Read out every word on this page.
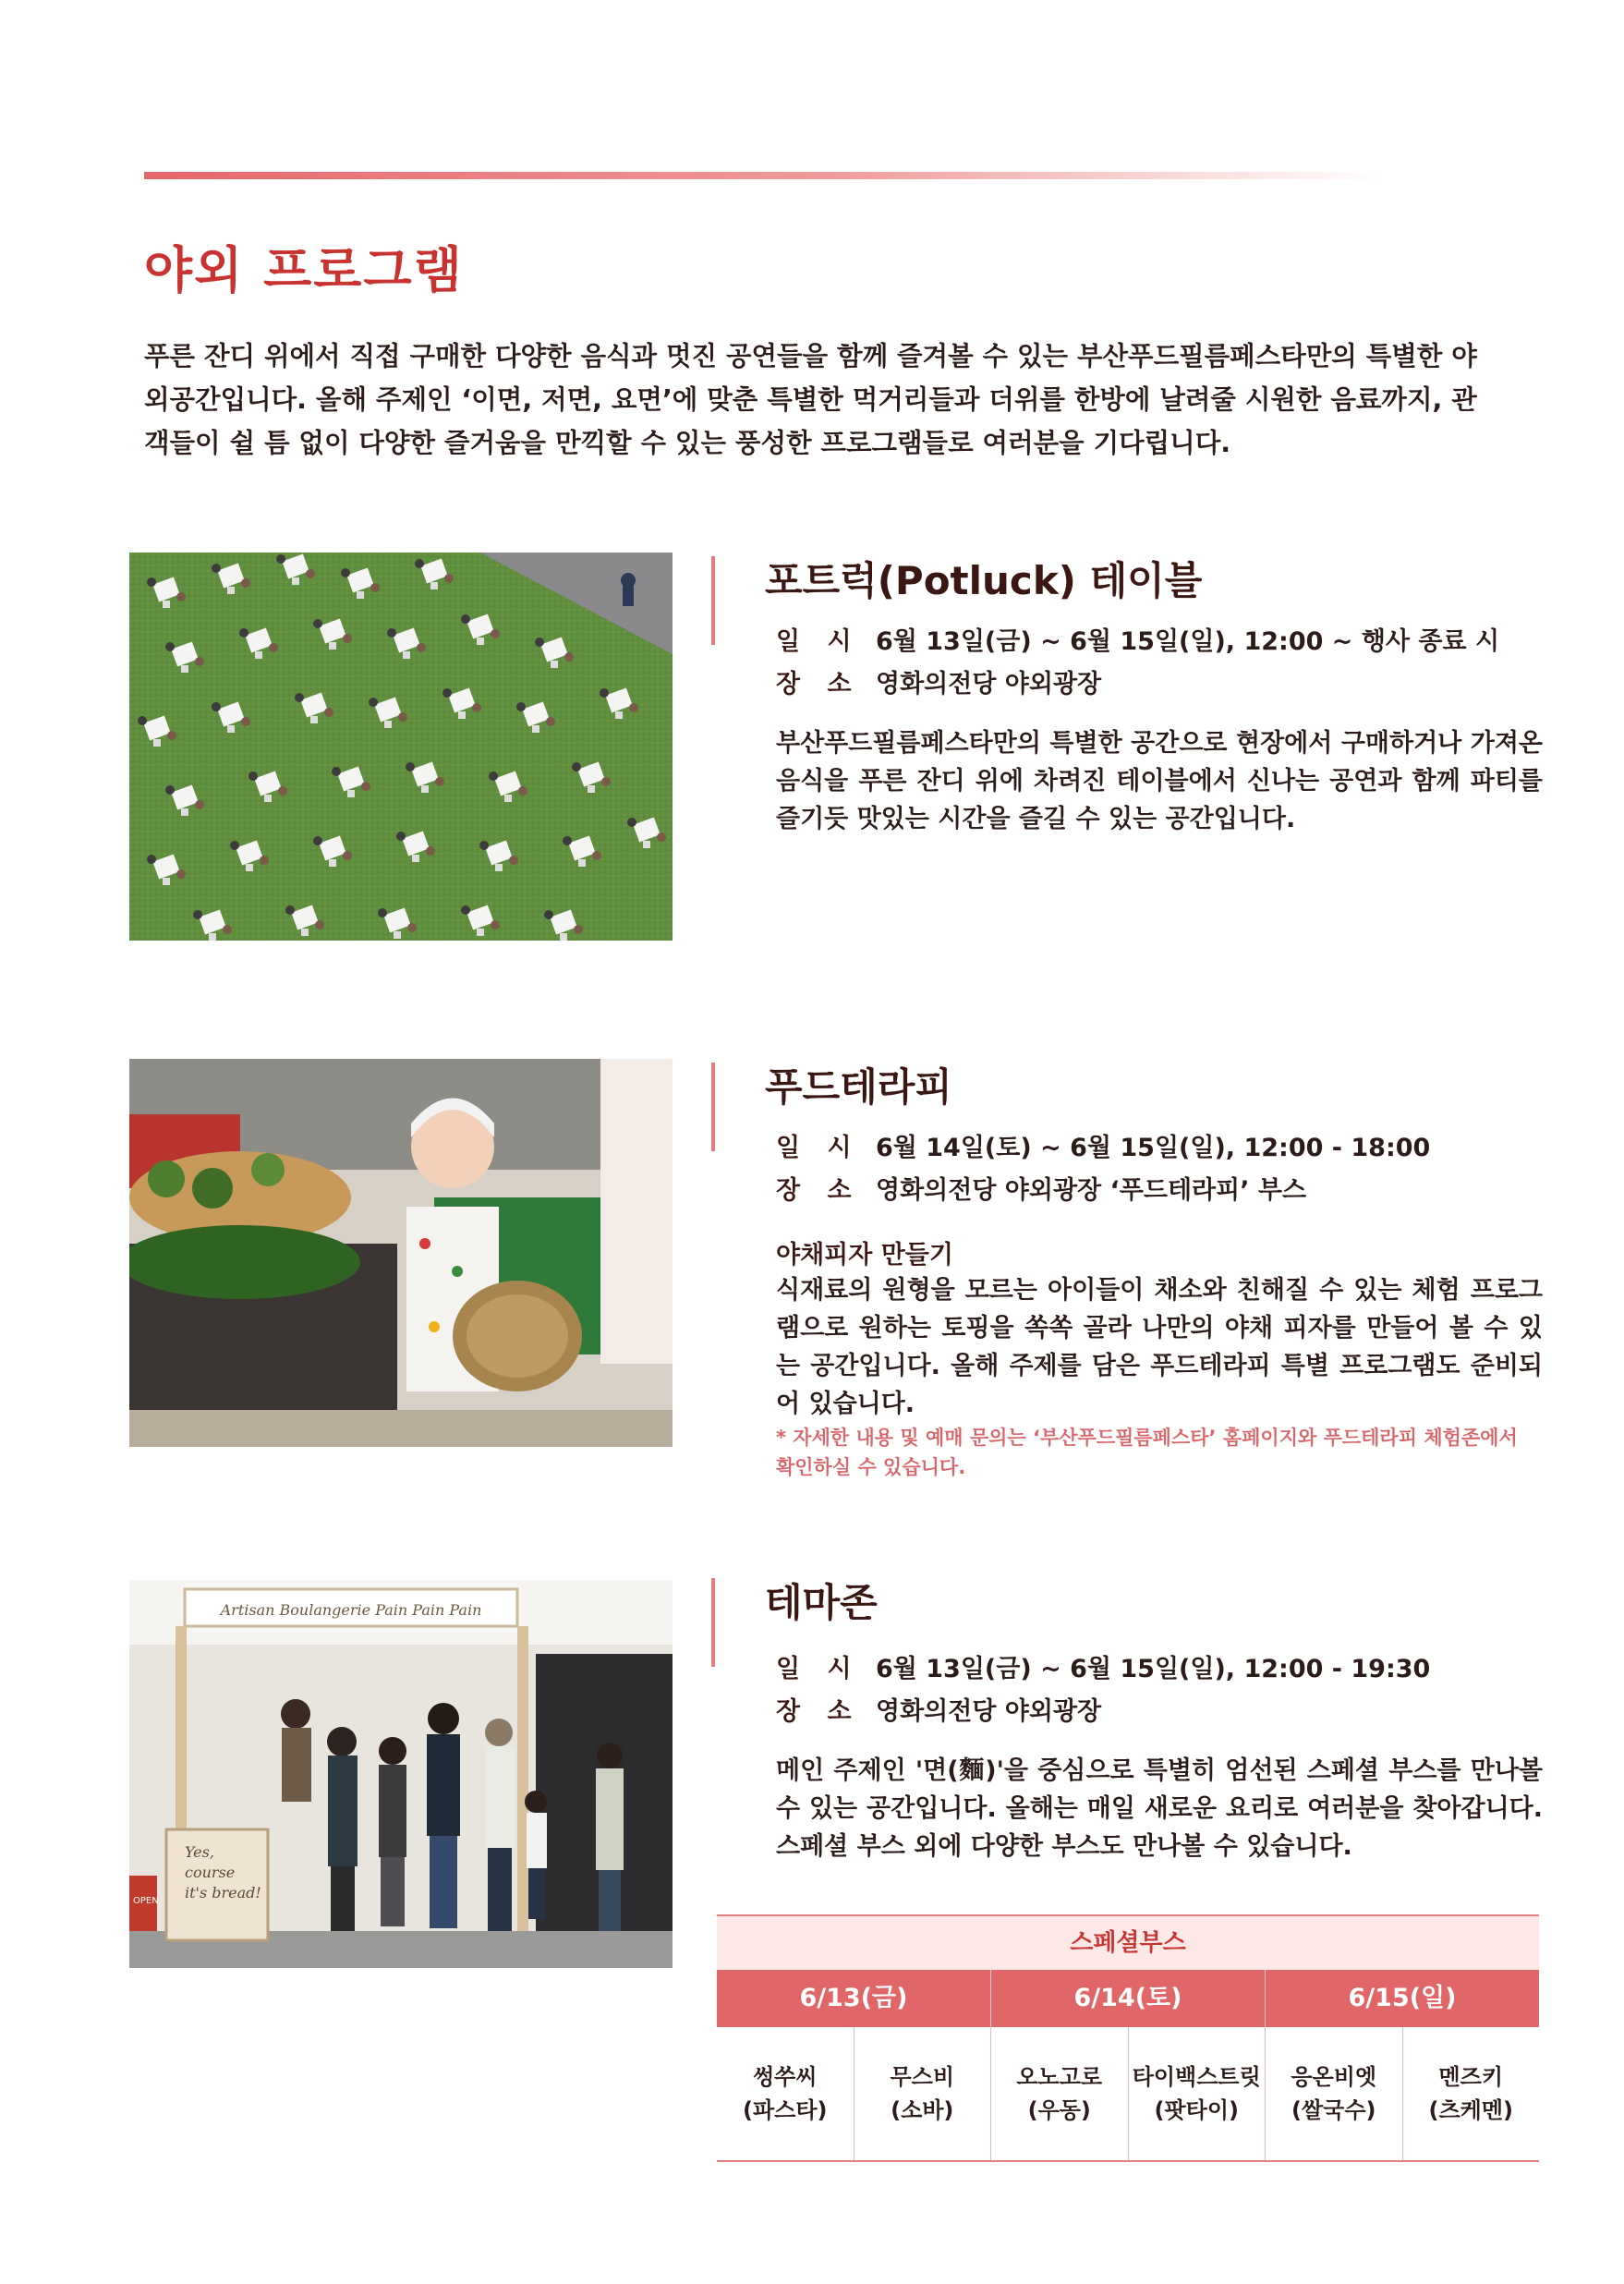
야외 프로그램

푸른 잔디 위에서 직접 구매한 다양한 음식과 멋진 공연들을 함께 즐겨볼 수 있는 부산푸드필름페스타만의 특별한 야외공간입니다. 올해 주제인 ‘이면, 저면, 요면’에 맞춘 특별한 먹거리들과 더위를 한방에 날려줄 시원한 음료까지, 관객들이 쉴 틈 없이 다양한 즐거움을 만끽할 수 있는 풍성한 프로그램들로 여러분을 기다립니다.

Artisan Boulangerie Pain Pain Pain
Yes,
course
it's bread!
OPEN
포트럭(Potluck) 테이블
일 시 6월 13일(금) ~ 6월 15일(일), 12:00 ~ 행사 종료 시
장 소 영화의전당 야외광장

부산푸드필름페스타만의 특별한 공간으로 현장에서 구매하거나 가져온 음식을 푸른 잔디 위에 차려진 테이블에서 신나는 공연과 함께 파티를 즐기듯 맛있는 시간을 즐길 수 있는 공간입니다.

푸드테라피
일 시 6월 14일(토) ~ 6월 15일(일), 12:00 - 18:00
장 소 영화의전당 야외광장 ‘푸드테라피’ 부스
야채피자 만들기

식재료의 원형을 모르는 아이들이 채소와 친해질 수 있는 체험 프로그램으로 원하는 토핑을 쏙쏙 골라 나만의 야채 피자를 만들어 볼 수 있는 공간입니다. 올해 주제를 담은 푸드테라피 특별 프로그램도 준비되어 있습니다.

* 자세한 내용 및 예매 문의는 ‘부산푸드필름페스타’ 홈페이지와 푸드테라피 체험존에서 확인하실 수 있습니다.

테마존
일 시 6월 13일(금) ~ 6월 15일(일), 12:00 - 19:30
장 소 영화의전당 야외광장

메인 주제인 '면(麵)'을 중심으로 특별히 엄선된 스페셜 부스를 만나볼 수 있는 공간입니다. 올해는 매일 새로운 요리로 여러분을 찾아갑니다. 스페셜 부스 외에 다양한 부스도 만나볼 수 있습니다.

스페셜부스
6/13(금)	6/14(토)	6/15(일)
썽쑤씨
(파스타)
무스비
(소바)
오노고로
(우동)
타이백스트릿
(팟타이)
응온비엣
(쌀국수)
멘즈키
(츠케멘)
